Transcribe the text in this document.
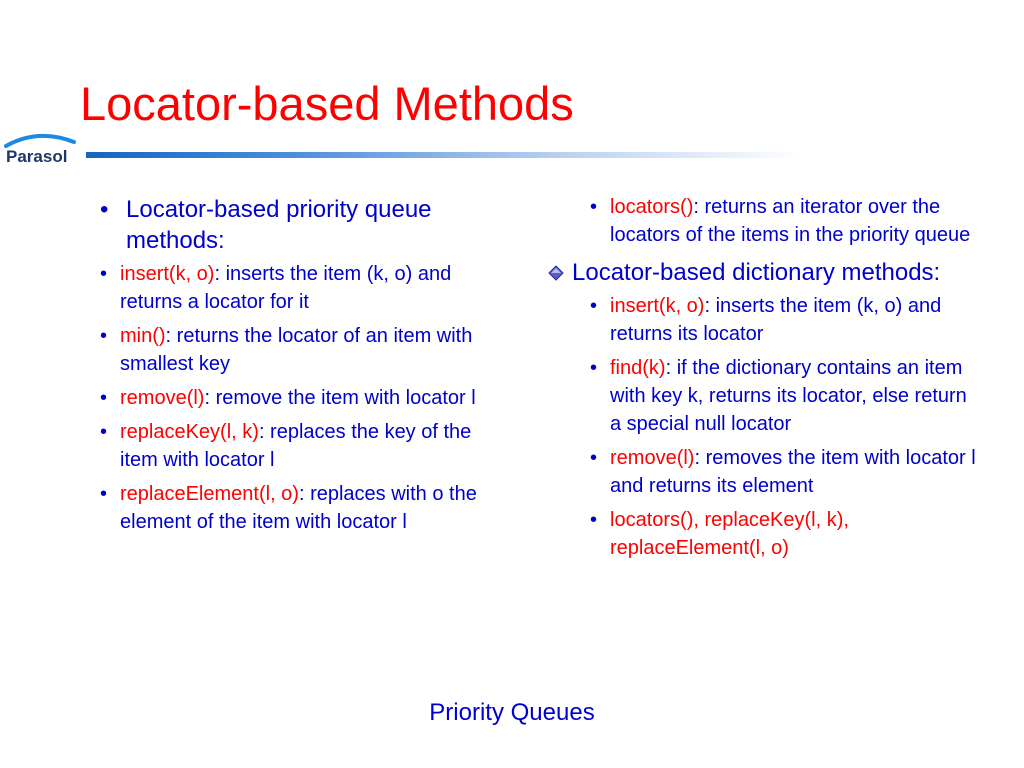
Locator-based Methods
Parasol
• Locator-based priority queue methods:
• insert(k, o): inserts the item (k, o) and returns a locator for it
• min(): returns the locator of an item with smallest key
• remove(l): remove the item with locator l
• replaceKey(l, k): replaces the key of the item with locator l
• replaceElement(l, o): replaces with o the element of the item with locator l
• locators(): returns an iterator over the locators of the items in the priority queue
Locator-based dictionary methods:
• insert(k, o): inserts the item (k, o) and returns its locator
• find(k): if the dictionary contains an item with key k, returns its locator, else return a special null locator
• remove(l): removes the item with locator l and returns its element
• locators(), replaceKey(l, k), replaceElement(l, o)
Priority Queues
